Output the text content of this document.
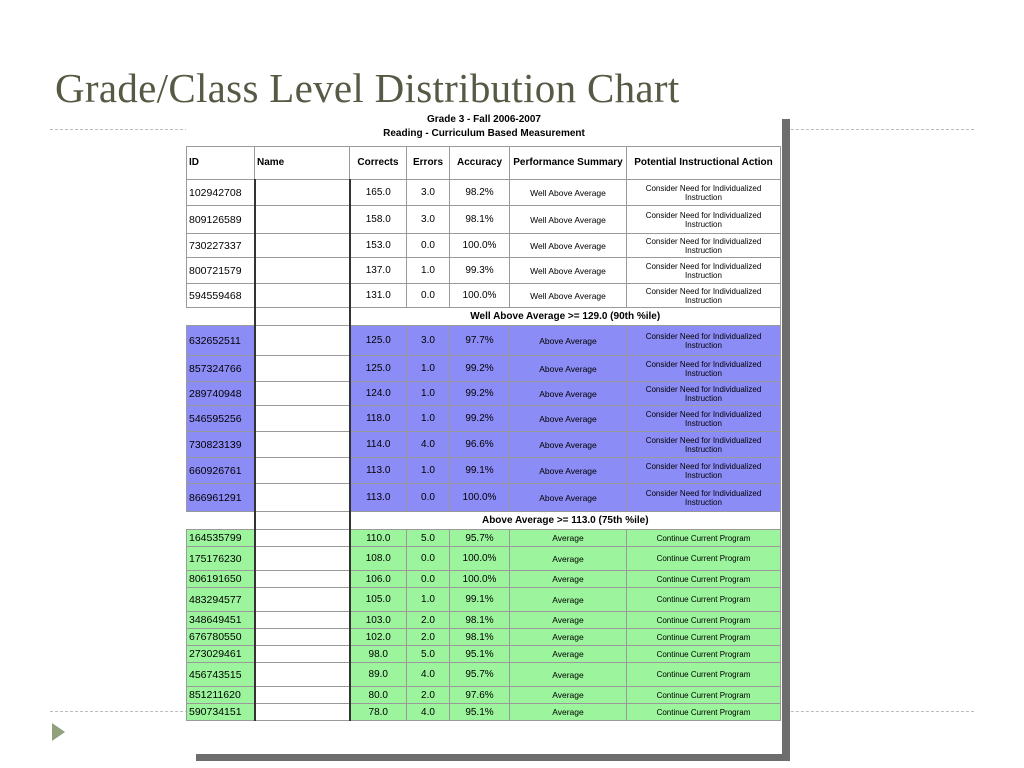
Grade/Class Level Distribution Chart
Grade 3 - Fall 2006-2007
Reading - Curriculum Based Measurement
ID	Name	Corrects	Errors	Accuracy	Performance Summary	Potential Instructional Action
102942708		165.0	3.0	98.2%	Well Above Average	Consider Need for Individualized Instruction
809126589		158.0	3.0	98.1%	Well Above Average	Consider Need for Individualized Instruction
730227337		153.0	0.0	100.0%	Well Above Average	Consider Need for Individualized Instruction
800721579		137.0	1.0	99.3%	Well Above Average	Consider Need for Individualized Instruction
594559468		131.0	0.0	100.0%	Well Above Average	Consider Need for Individualized Instruction
		Well Above Average >= 129.0 (90th %ile)				
632652511		125.0	3.0	97.7%	Above Average	Consider Need for Individualized Instruction
857324766		125.0	1.0	99.2%	Above Average	Consider Need for Individualized Instruction
289740948		124.0	1.0	99.2%	Above Average	Consider Need for Individualized Instruction
546595256		118.0	1.0	99.2%	Above Average	Consider Need for Individualized Instruction
730823139		114.0	4.0	96.6%	Above Average	Consider Need for Individualized Instruction
660926761		113.0	1.0	99.1%	Above Average	Consider Need for Individualized Instruction
866961291		113.0	0.0	100.0%	Above Average	Consider Need for Individualized Instruction
		Above Average >= 113.0 (75th %ile)				
164535799		110.0	5.0	95.7%	Average	Continue Current Program
175176230		108.0	0.0	100.0%	Average	Continue Current Program
806191650		106.0	0.0	100.0%	Average	Continue Current Program
483294577		105.0	1.0	99.1%	Average	Continue Current Program
348649451		103.0	2.0	98.1%	Average	Continue Current Program
676780550		102.0	2.0	98.1%	Average	Continue Current Program
273029461		98.0	5.0	95.1%	Average	Continue Current Program
456743515		89.0	4.0	95.7%	Average	Continue Current Program
851211620		80.0	2.0	97.6%	Average	Continue Current Program
590734151		78.0	4.0	95.1%	Average	Continue Current Program
